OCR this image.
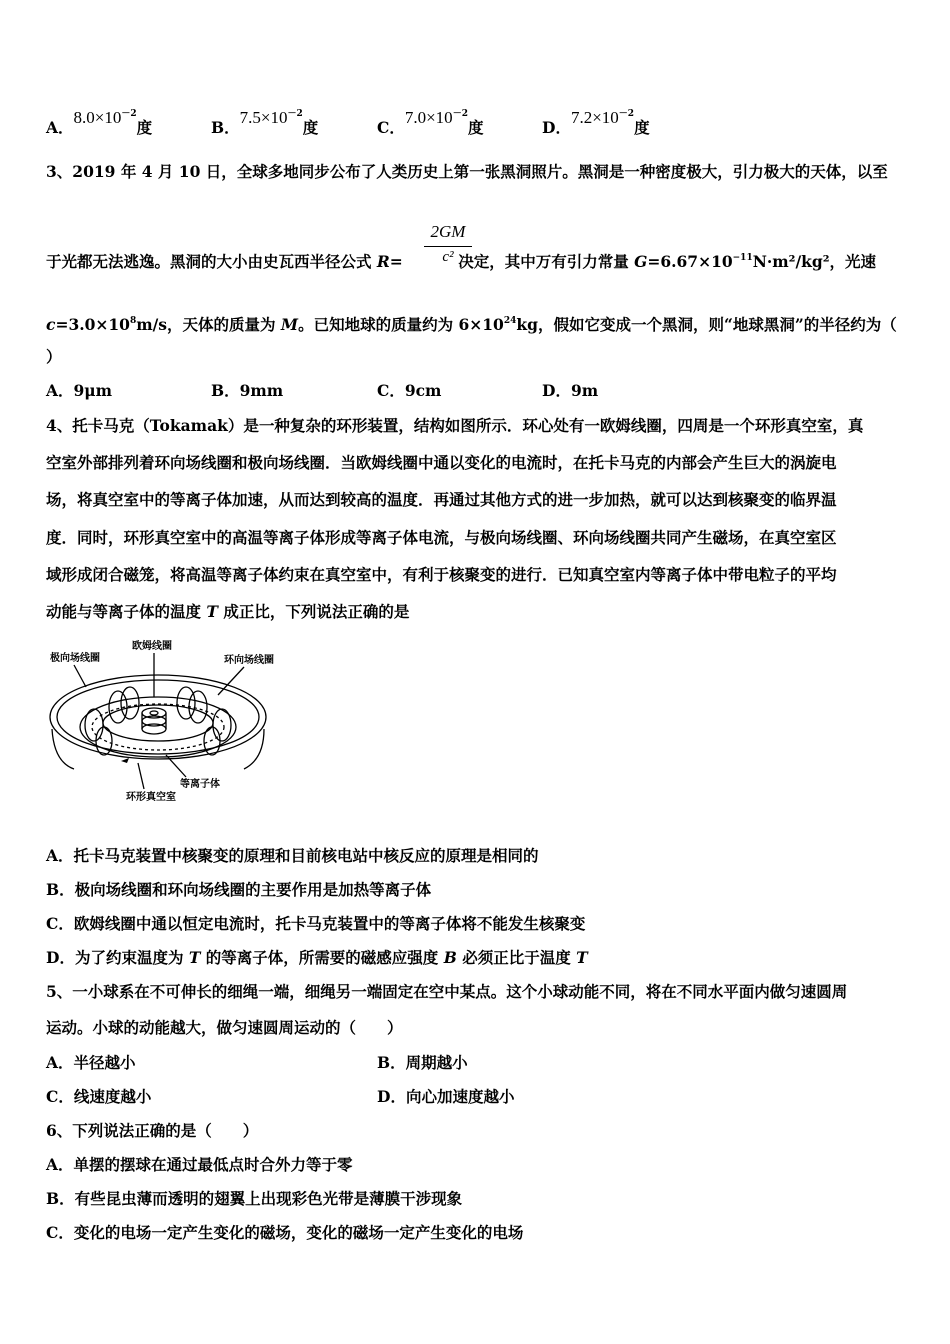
A．$8.0\times 10^{-2}$度	B．$7.5\times 10^{-2}$度	C．$7.0\times 10^{-2}$度	D．$7.2\times 10^{-2}$度
3、2019 年 4 月 10 日，全球多地同步公布了人类历史上第一张黑洞照片。黑洞是一种密度极大，引力极大的天体，以至
于光都无法逃逸。黑洞的大小由史瓦西半径公式 R=	决定，其中万有引力常量 $G=6.67\times 10^{-11}N\cdot m^2$/kg²，光速
2GM
c²
$c=3.0\times 10^8m/s$，天体的质量为 M。已知地球的质量约为 $6\times 10^{24}kg$，假如它变成一个黑洞，则“地球黑洞”的半径约为（
）
A．9μm	B．9mm	C．9cm	D．9m
4、托卡马克（Tokamak）是一种复杂的环形装置，结构如图所示．环心处有一欧姆线圈，四周是一个环形真空室，真
空室外部排列着环向场线圈和极向场线圈．当欧姆线圈中通以变化的电流时，在托卡马克的内部会产生巨大的涡旋电
场，将真空室中的等离子体加速，从而达到较高的温度．再通过其他方式的进一步加热，就可以达到核聚变的临界温
度．同时，环形真空室中的高温等离子体形成等离子体电流，与极向场线圈、环向场线圈共同产生磁场，在真空室区
域形成闭合磁笼，将高温等离子体约束在真空室中，有利于核聚变的进行．已知真空室内等离子体中带电粒子的平均
动能与等离子体的温度 T 成正比，下列说法正确的是
极向场线圈
欧姆线圈
环向场线圈
等离子体
环形真空室
A．托卡马克装置中核聚变的原理和目前核电站中核反应的原理是相同的
B．极向场线圈和环向场线圈的主要作用是加热等离子体
C．欧姆线圈中通以恒定电流时，托卡马克装置中的等离子体将不能发生核聚变
D．为了约束温度为 T 的等离子体，所需要的磁感应强度 B 必须正比于温度 T
5、一小球系在不可伸长的细绳一端，细绳另一端固定在空中某点。这个小球动能不同，将在不同水平面内做匀速圆周
运动。小球的动能越大，做匀速圆周运动的（　　）
A．半径越小	B．周期越小
C．线速度越小	D．向心加速度越小
6、下列说法正确的是（　　）
A．单摆的摆球在通过最低点时合外力等于零
B．有些昆虫薄而透明的翅翼上出现彩色光带是薄膜干涉现象
C．变化的电场一定产生变化的磁场，变化的磁场一定产生变化的电场
